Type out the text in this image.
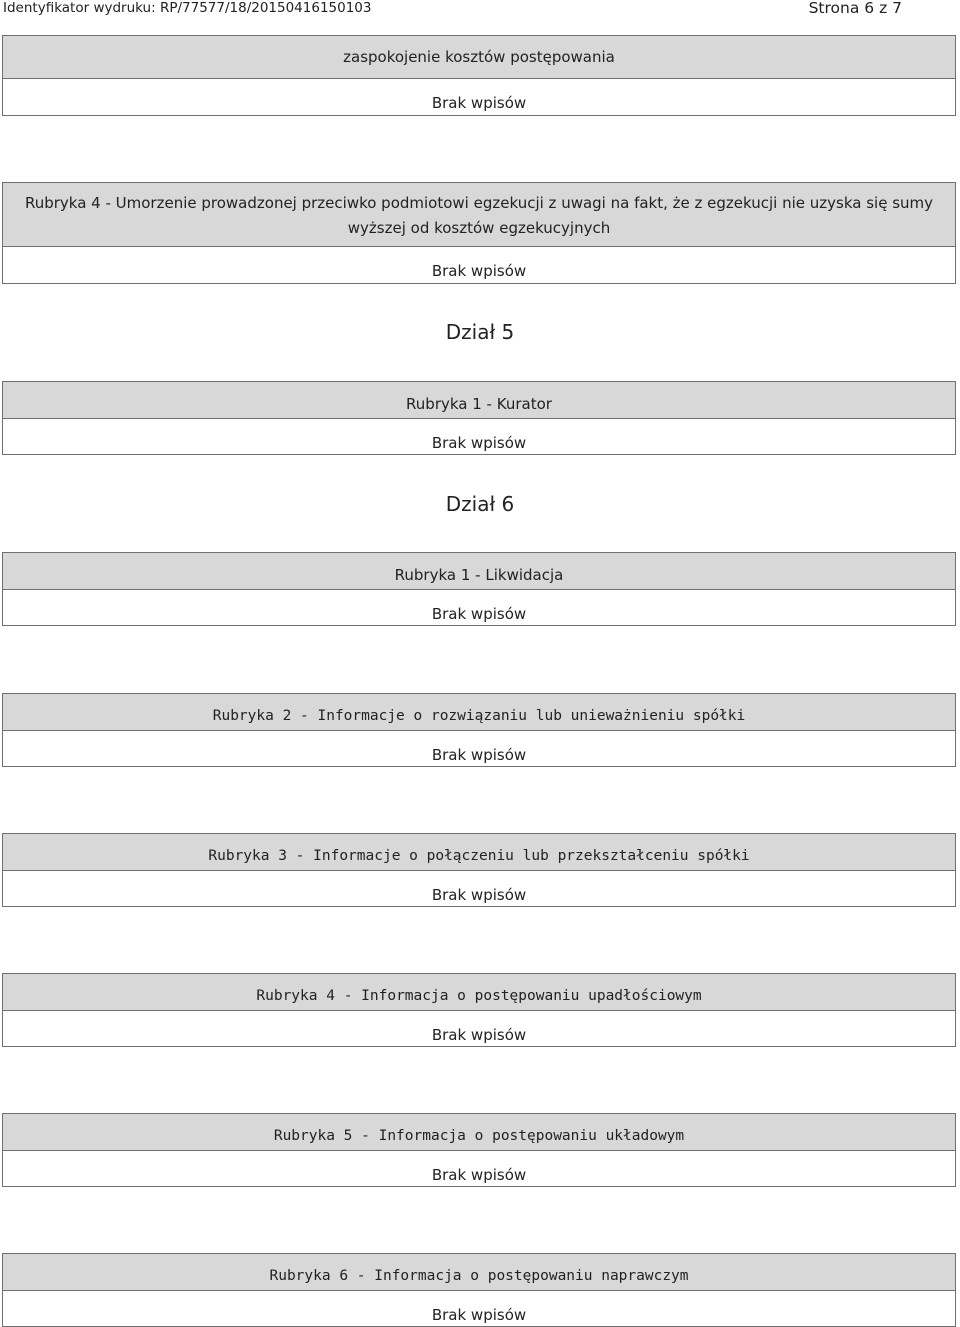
Identyfikator wydruku: RP/77577/18/20150416150103	Strona 6 z 7
zaspokojenie kosztów postępowania
Brak wpisów
Rubryka 4 - Umorzenie prowadzonej przeciwko podmiotowi egzekucji z uwagi na fakt, że z egzekucji nie uzyska się sumy wyższej od kosztów egzekucyjnych
Brak wpisów
Dział 5
Rubryka 1 - Kurator
Brak wpisów
Dział 6
Rubryka 1 - Likwidacja
Brak wpisów
Rubryka 2 - Informacje o rozwiązaniu lub unieważnieniu spółki
Brak wpisów
Rubryka 3 - Informacje o połączeniu lub przekształceniu spółki
Brak wpisów
Rubryka 4 - Informacja o postępowaniu upadłościowym
Brak wpisów
Rubryka 5 - Informacja o postępowaniu układowym
Brak wpisów
Rubryka 6 - Informacja o postępowaniu naprawczym
Brak wpisów
